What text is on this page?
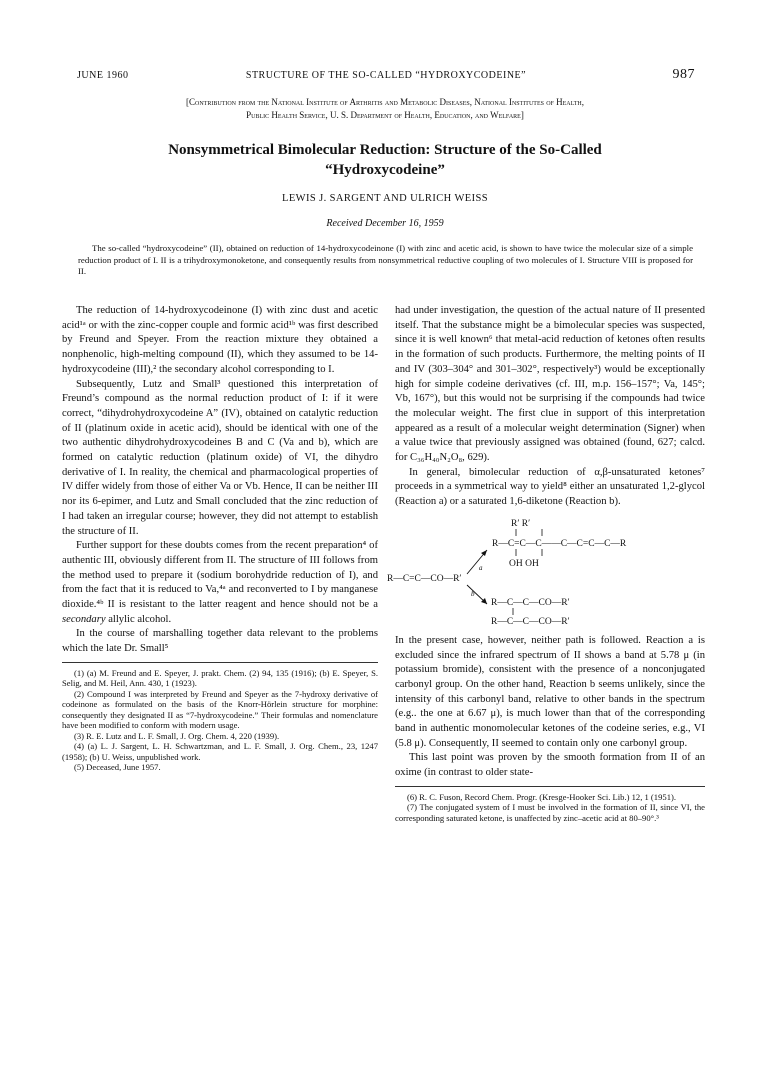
JUNE 1960	STRUCTURE OF THE SO-CALLED “HYDROXYCODEINE”	987
[Contribution from the National Institute of Arthritis and Metabolic Diseases, National Institutes of Health,
Public Health Service, U. S. Department of Health, Education, and Welfare]
Nonsymmetrical Bimolecular Reduction: Structure of the So-Called
“Hydroxycodeine”
LEWIS J. SARGENT AND ULRICH WEISS
Received December 16, 1959
The so-called “hydroxycodeine” (II), obtained on reduction of 14-hydroxycodeinone (I) with zinc and acetic acid, is shown to have twice the molecular size of a simple reduction product of I. II is a trihydroxymonoketone, and consequently results from nonsymmetrical reductive coupling of two molecules of I. Structure VIII is proposed for II.

The reduction of 14-hydroxycodeinone (I) with zinc dust and acetic acid¹ᵃ or with the zinc-copper couple and formic acid¹ᵇ was first described by Freund and Speyer. From the reaction mixture they obtained a nonphenolic, high-melting compound (II), which they assumed to be 14-hydroxycodeine (III),² the secondary alcohol corresponding to I.

Subsequently, Lutz and Small³ questioned this interpretation of Freund’s compound as the normal reduction product of I: if it were correct, “dihydrohydroxycodeine A” (IV), obtained on catalytic reduction of II (platinum oxide in acetic acid), should be identical with one of the two authentic dihydrohydroxycodeines B and C (Va and b), which are formed on catalytic reduction (platinum oxide) of VI, the dihydro derivative of I. In reality, the chemical and pharmacological properties of IV differ widely from those of either Va or Vb. Hence, II can be neither III nor its 6-epimer, and Lutz and Small concluded that the zinc reduction of I had taken an irregular course; however, they did not attempt to establish the structure of II.

Further support for these doubts comes from the recent preparation⁴ of authentic III, obviously different from II. The structure of III follows from the method used to prepare it (sodium borohydride reduction of I), and from the fact that it is reduced to Va,⁴ᵃ and reconverted to I by manganese dioxide.⁴ᵇ II is resistant to the latter reagent and hence should not be a secondary allylic alcohol.

In the course of marshalling together data relevant to the problems which the late Dr. Small⁵

(1) (a) M. Freund and E. Speyer, J. prakt. Chem. (2) 94, 135 (1916); (b) E. Speyer, S. Selig, and M. Heil, Ann. 430, 1 (1923).

(2) Compound I was interpreted by Freund and Speyer as the 7-hydroxy derivative of codeinone as formulated on the basis of the Knorr-Hörlein structure for morphine: consequently they designated II as “7-hydroxycodeine.” Their formulas and nomenclature have been modified to conform with modern usage.

(3) R. E. Lutz and L. F. Small, J. Org. Chem. 4, 220 (1939).

(4) (a) L. J. Sargent, L. H. Schwartzman, and L. F. Small, J. Org. Chem., 23, 1247 (1958); (b) U. Weiss, unpublished work.

(5) Deceased, June 1957.

had under investigation, the question of the actual nature of II presented itself. That the substance might be a bimolecular species was suspected, since it is well known⁶ that metal-acid reduction of ketones often results in the formation of such products. Furthermore, the melting points of II and IV (303–304° and 301–302°, respectively³) would be exceptionally high for simple codeine derivatives (cf. III, m.p. 156–157°; Va, 145°; Vb, 167°), but this would not be surprising if the compounds had twice the molecular weight. The first clue in support of this interpretation appeared as a result of a molecular weight determination (Signer) when a value twice that previously assigned was obtained (found, 627; calcd. for C₃₆H₄₀N₂O₈, 629).

In general, bimolecular reduction of α,β-unsaturated ketones⁷ proceeds in a symmetrical way to yield⁸ either an unsaturated 1,2-glycol (Reaction a) or a saturated 1,6-diketone (Reaction b).

R′ R′
R—C=C—C——C—C=C—C—R
OH OH
R—C=C—CO—R′
a
b
R—C—C—CO—R′
R—C—C—CO—R′

In the present case, however, neither path is followed. Reaction a is excluded since the infrared spectrum of II shows a band at 5.78 μ (in potassium bromide), consistent with the presence of a nonconjugated carbonyl group. On the other hand, Reaction b seems unlikely, since the intensity of this carbonyl band, relative to other bands in the spectrum (e.g.. the one at 6.67 μ), is much lower than that of the corresponding band in authentic monomolecular ketones of the codeine series, e.g., VI (5.8 μ). Consequently, II seemed to contain only one carbonyl group.

This last point was proven by the smooth formation from II of an oxime (in contrast to older state-

(6) R. C. Fuson, Record Chem. Progr. (Kresge-Hooker Sci. Lib.) 12, 1 (1951).

(7) The conjugated system of I must be involved in the formation of II, since VI, the corresponding saturated ketone, is unaffected by zinc–acetic acid at 80–90°.³
